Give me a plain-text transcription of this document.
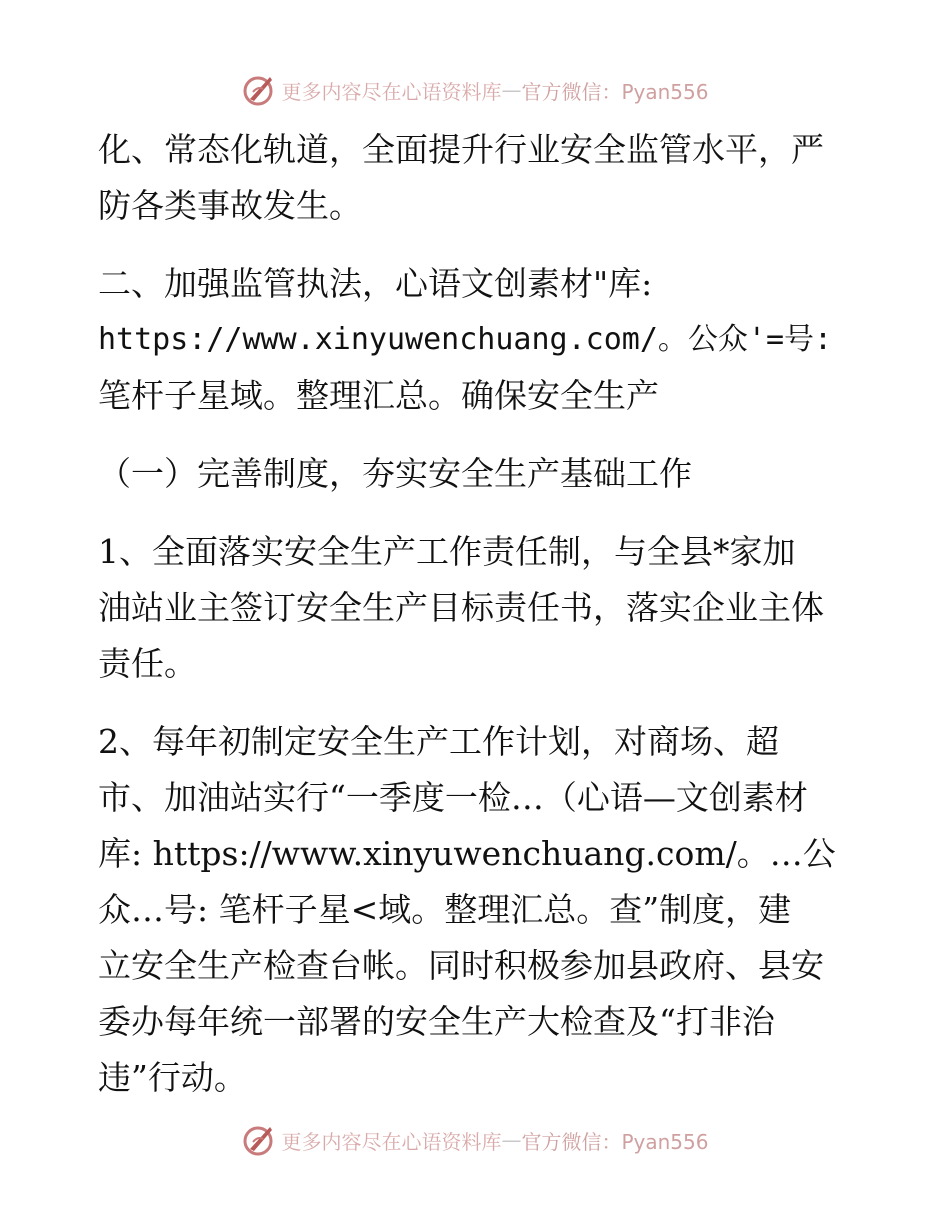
更多内容尽在心语资料库 — 官方微信：Pyan556
化、常态化轨道，全面提升行业安全监管水平，严
防各类事故发生。
二、加强监管执法，心语文创素材"库:
https://www.xinyuwenchuang.com/。公众'=号:
笔杆子星域。整理汇总。确保安全生产
（一）完善制度，夯实安全生产基础工作
1、全面落实安全生产工作责任制，与全县*家加
油站业主签订安全生产目标责任书，落实企业主体
责任。
2、每年初制定安全生产工作计划，对商场、超
市、加油站实行“一季度一检…（心语—文创素材
库: https://www.xinyuwenchuang.com/。…公
众…号: 笔杆子星<域。整理汇总。查”制度，建
立安全生产检查台帐。同时积极参加县政府、县安
委办每年统一部署的安全生产大检查及“打非治
违”行动。
更多内容尽在心语资料库 — 官方微信：Pyan556
